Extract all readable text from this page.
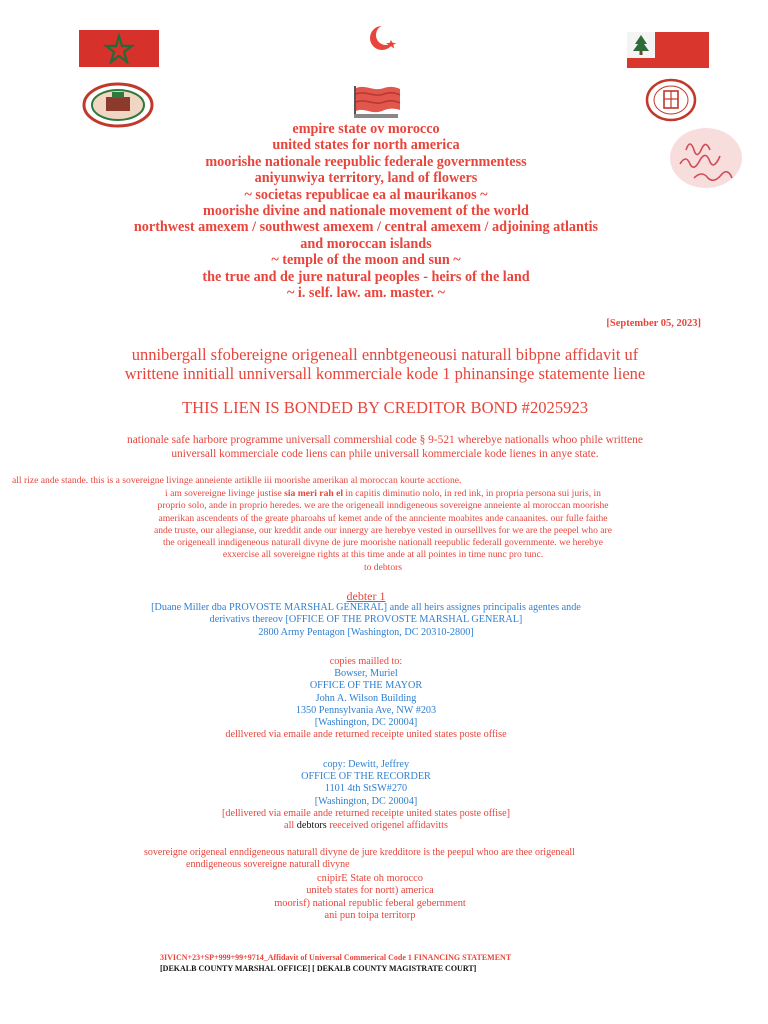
empire state ov morocco
united states for north america
moorishe nationale reepublic federale governmentess
aniyunwiya territory, land of flowers
~ societas republicae ea al maurikanos ~
moorishe divine and nationale movement of the world
northwest amexem / southwest amexem / central amexem / adjoining atlantis
and moroccan islands
~ temple of the moon and sun ~
the true and de jure natural peoples - heirs of the land
~ i. self. law. am. master. ~
[September 05, 2023]
unnibergall sfobereigne origeneall ennbtgeneousi naturall bibpne affidavit uf
writtene innitiall unniversall kommerciale kode 1 phinansinge statemente liene
THIS LIEN IS BONDED BY CREDITOR BOND #2025923
nationale safe harbore programme universall commershial code § 9-521 wherebye nationalls whoo phile writtene
universall kommerciale code liens can phile universall kommerciale kode lienes in anye state.
all rize ande stande. this is a sovereigne livinge anneiente artiklle iii moorishe amerikan al moroccan kourte acctione.
i am sovereigne livinge justise sia meri rah el in capitis diminutio nolo, in red ink, in propria persona sui juris, in
proprio solo, ande in proprio heredes. we are the origeneall inndigeneous sovereigne anneiente al moroccan moorishe
amerikan ascendents of the greate pharoahs uf kemet ande of the annciente moabites ande canaanites. our fulle faithe
ande truste, our allegianse, our kreddit ande our innergy are herebye vested in ourselllves for we are the peepel who are
the origeneall inndigeneous naturall divyne de jure moorishe nationall reepublic federall governmente. we herebye
exxercise all sovereigne rights at this time ande at all pointes in time nunc pro tunc.
to debtors
debter 1
[Duane Miller dba PROVOSTE MARSHAL GENERAL] ande all heirs assignes principalis agentes ande
derivativs thereov [OFFICE OF THE PROVOSTE MARSHAL GENERAL]
2800 Army Pentagon [Washington, DC 20310-2800]
copies mailled to:
Bowser, Muriel
OFFICE OF THE MAYOR
John A. Wilson Building
1350 Pennsylvania Ave, NW #203
[Washington, DC 20004]
delllvered via emaile ande returned receipte united states poste offise
copy: Dewitt, Jeffrey
OFFICE OF THE RECORDER
1101 4th StSW#270
[Washington, DC 20004]
[dellivered via emaile ande returned receipte united states poste offise]
all debtors reeceived origenel affidavitts
sovereigne origeneal enndigeneous naturall divyne de jure kredditore is the peepul whoo are thee origeneall
enndigeneous sovereigne naturall divyne
cnipirE State oh morocco
uniteb states for nortt) america
moorisf) national republic feberal gebernment
ani pun toipa territorp
3IVICN+23+SP+999+99+9714_Affidavit of Universal Commerical Code 1 FINANCING STATEMENT
[DEKALB COUNTY MARSHAL OFFICE] [ DEKALB COUNTY MAGISTRATE COURT]
